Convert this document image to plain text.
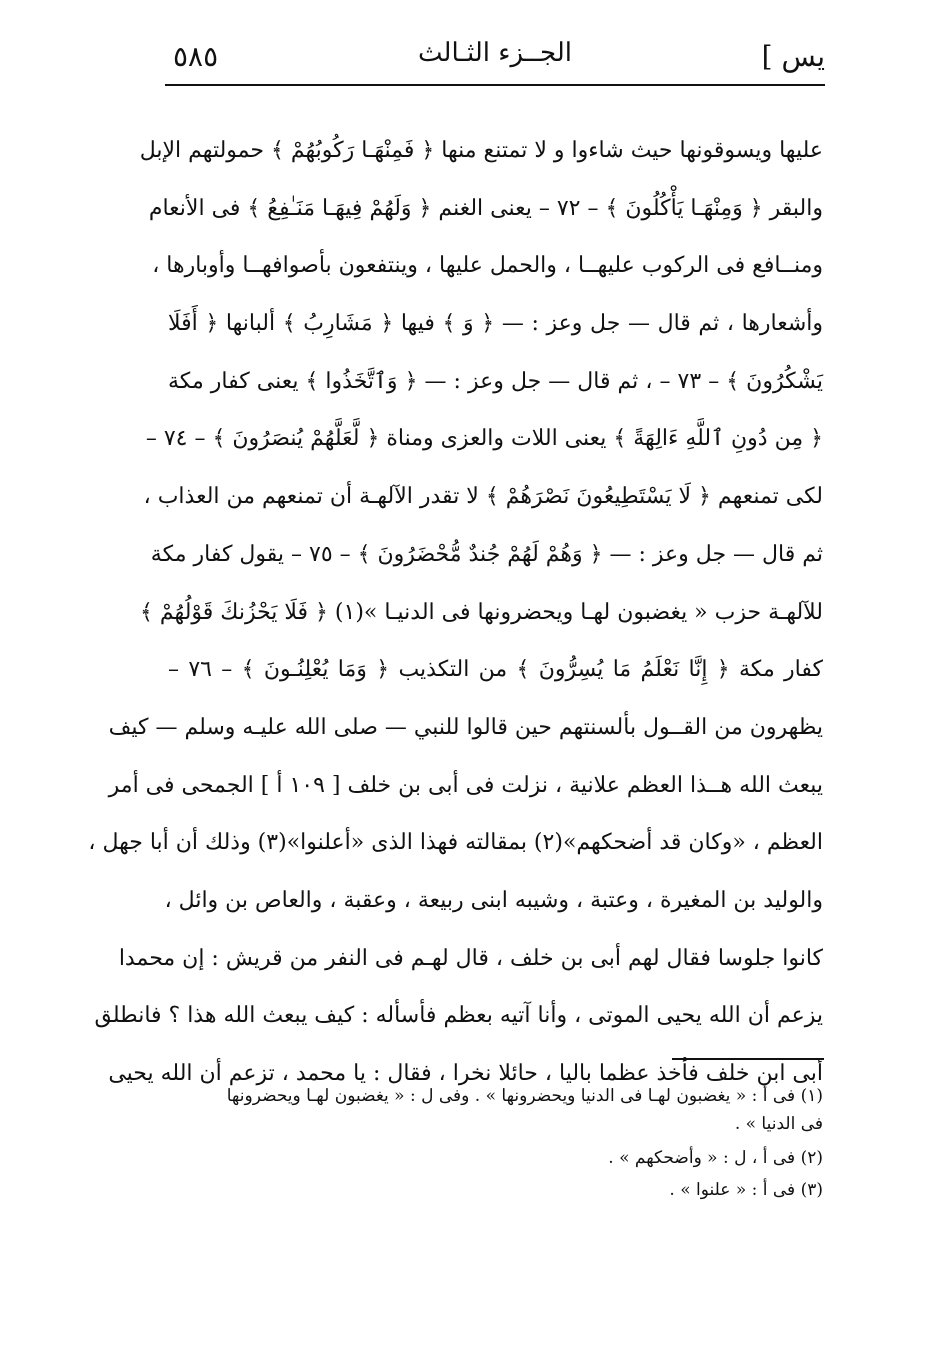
يس ]
الجــزء الثـالث
٥٨٥
عليها ويسوقونها حيث شاءوا و لا تمتنع منها ﴿ فَمِنْهَـا رَكُوبُهُمْ ﴾ حمولتهم الإبل
والبقر ﴿ وَمِنْهَـا يَأْكُلُونَ ﴾ – ٧٢ – يعنى الغنم ﴿ وَلَهُمْ فِيهَـا مَنَـٰفِعُ ﴾ فى الأنعام
ومنــافع فى الركوب عليهــا ، والحمل عليها ، وينتفعون بأصوافهــا وأوبارها ،
وأشعارها ، ثم قال — جل وعز : — ﴿ وَ ﴾ فيها ﴿ مَشَارِبُ ﴾ ألبانها ﴿ أَفَلَا
يَشْكُرُونَ ﴾ – ٧٣ – ، ثم قال — جل وعز : — ﴿ وَٱتَّخَذُوا ﴾ يعنى كفار مكة
﴿ مِن دُونِ ٱللَّهِ ءَالِهَةً ﴾ يعنى اللات والعزى ومناة ﴿ لَّعَلَّهُمْ يُنصَرُونَ ﴾ – ٧٤ –
لكى تمنعهم ﴿ لَا يَسْتَطِيعُونَ نَصْرَهُمْ ﴾ لا تقدر الآلهـة أن تمنعهم من العذاب ،
ثم قال — جل وعز : — ﴿ وَهُمْ لَهُمْ جُندٌ مُّحْضَرُونَ ﴾ – ٧٥ – يقول كفار مكة
للآلهـة حزب « يغضبون لهـا ويحضرونها فى الدنيـا »(١) ﴿ فَلَا يَحْزُنكَ قَوْلُهُمْ ﴾
كفار مكة ﴿ إِنَّا نَعْلَمُ مَا يُسِرُّونَ ﴾ من التكذيب ﴿ وَمَا يُعْلِنُـونَ ﴾ – ٧٦ –
يظهرون من القــول بألسنتهم حين قالوا للنبي — صلى الله عليـه وسلم — كيف
يبعث الله هــذا العظم علانية ، نزلت فى أبى بن خلف [ ١٠٩ أ ] الجمحى فى أمر
العظم ، «وكان قد أضحكهم»(٢) بمقالته فهذا الذى «أعلنوا»(٣) وذلك أن أبا جهل ،
والوليد بن المغيرة ، وعتبة ، وشيبه ابنى ربيعة ، وعقبة ، والعاص بن وائل ،
كانوا جلوسا فقال لهم أبى بن خلف ، قال لهـم فى النفر من قريش : إن محمدا
يزعم أن الله يحيى الموتى ، وأنا آتيه بعظم فأسأله : كيف يبعث الله هذا ؟ فانطلق
أبى ابن خلف فأخذ عظما باليا ، حائلا نخرا ، فقال : يا محمد ، تزعم أن الله يحيى
(١) فى أ : « يغضبون لهـا فى الدنيا ويحضرونها » . وفى ل : « يغضبون لهـا ويحضرونها
فى الدنيا » .
(٢) فى أ ، ل : « وأضحكهم » .
(٣) فى أ : « علنوا » .
